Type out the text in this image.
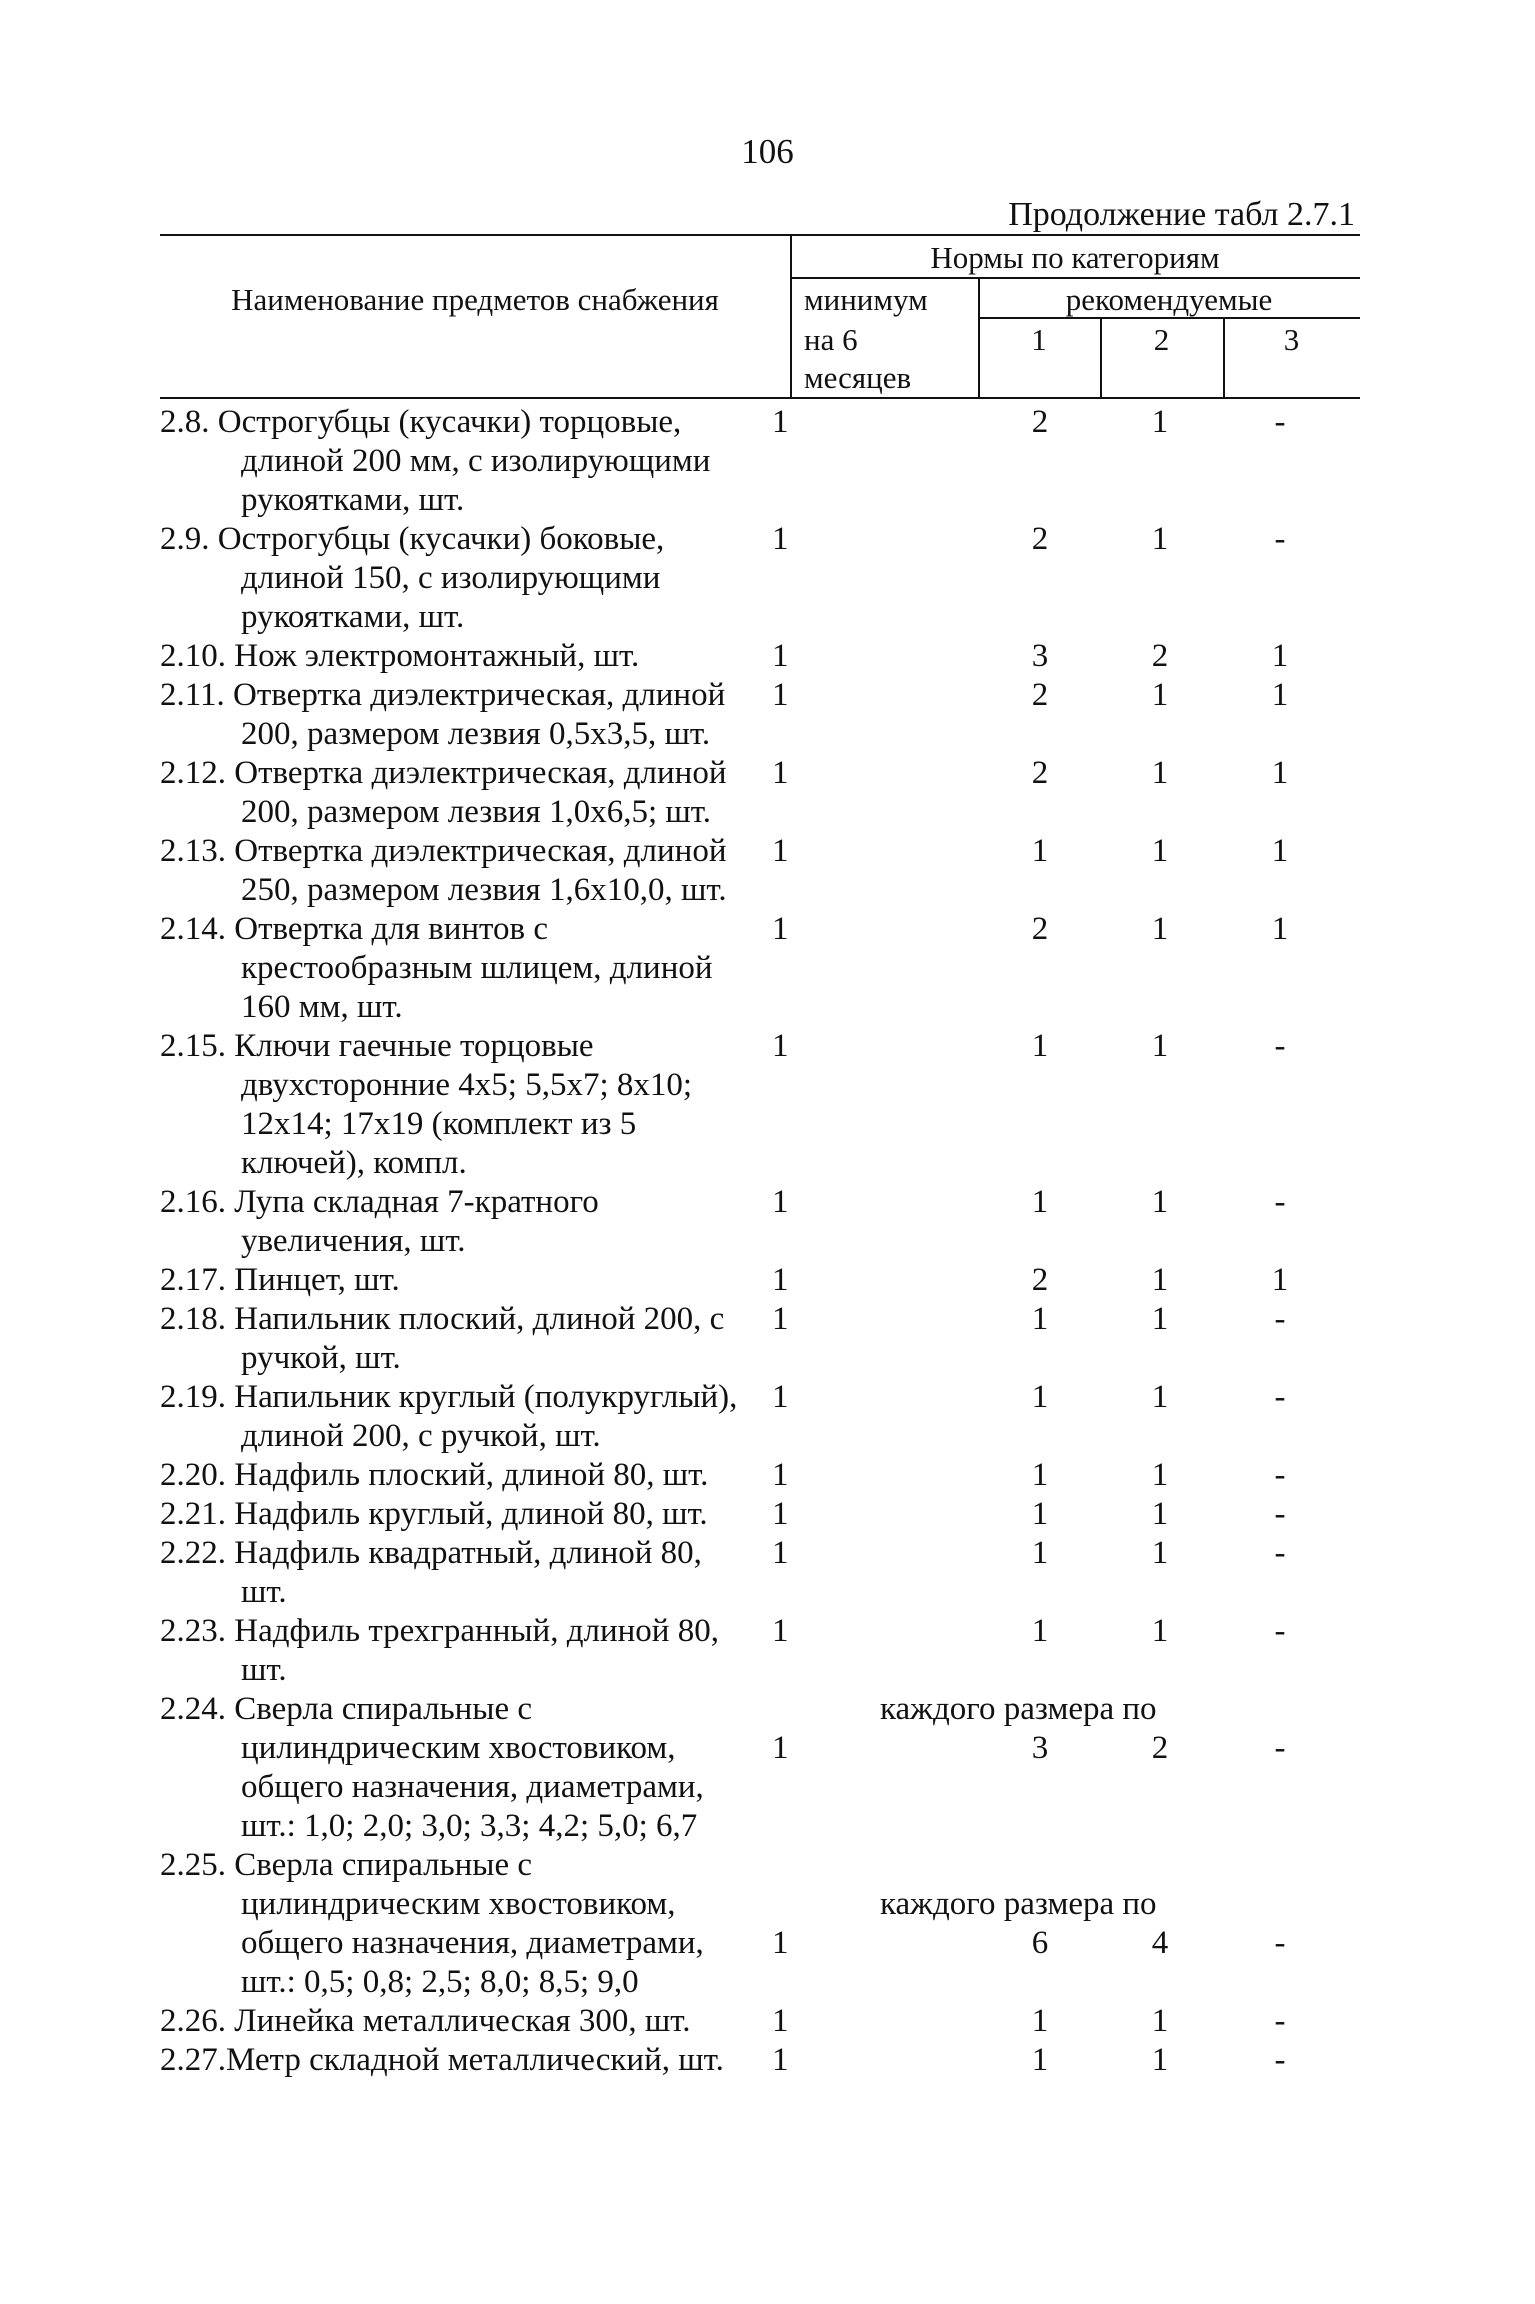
106
Продолжение табл 2.7.1
Наименование предметов снабжения
Нормы по категориям
минимум
на 6
месяцев
рекомендуемые
1	2	3
2.8. Острогубцы (кусачки) торцовые,
длиной 200 мм, с изолирующими
рукоятками, шт.
1	2	1	-
2.9. Острогубцы (кусачки) боковые,
длиной 150, с изолирующими
рукоятками, шт.
1	2	1	-
2.10. Нож электромонтажный, шт.	1	3	2	1
2.11. Отвертка диэлектрическая, длиной
200, размером лезвия 0,5x3,5, шт.
1	2	1	1
2.12. Отвертка диэлектрическая, длиной
200, размером лезвия 1,0x6,5; шт.
1	2	1	1
2.13. Отвертка диэлектрическая, длиной
250, размером лезвия 1,6x10,0, шт.
1	1	1	1
2.14. Отвертка для винтов с
крестообразным шлицем, длиной
160 мм, шт.
1	2	1	1
2.15. Ключи гаечные торцовые
двухсторонние 4x5; 5,5x7; 8x10;
12x14; 17x19 (комплект из 5
ключей), компл.
1	1	1	-
2.16. Лупа складная 7-кратного
увеличения, шт.
1	1	1	-
2.17. Пинцет, шт.	1	2	1	1
2.18. Напильник плоский, длиной 200, с
ручкой, шт.
1	1	1	-
2.19. Напильник круглый (полукруглый),
длиной 200, с ручкой, шт.
1	1	1	-
2.20. Надфиль плоский, длиной 80, шт.	1	1	1	-
2.21. Надфиль круглый, длиной 80, шт.	1	1	1	-
2.22. Надфиль квадратный, длиной 80,
шт.
1	1	1	-
2.23. Надфиль трехгранный, длиной 80,
шт.
1	1	1	-
2.24. Сверла спиральные с
цилиндрическим хвостовиком,
общего назначения, диаметрами,
шт.: 1,0; 2,0; 3,0; 3,3; 4,2; 5,0; 6,7

каждого размера по
1	3	2	-

2.25. Сверла спиральные с
цилиндрическим хвостовиком,
общего назначения, диаметрами,
шт.: 0,5; 0,8; 2,5; 8,0; 8,5; 9,0

каждого размера по
1	6	4	-

2.26. Линейка металлическая 300, шт.	1	1	1	-
2.27.Метр складной металлический, шт.	1	1	1	-
